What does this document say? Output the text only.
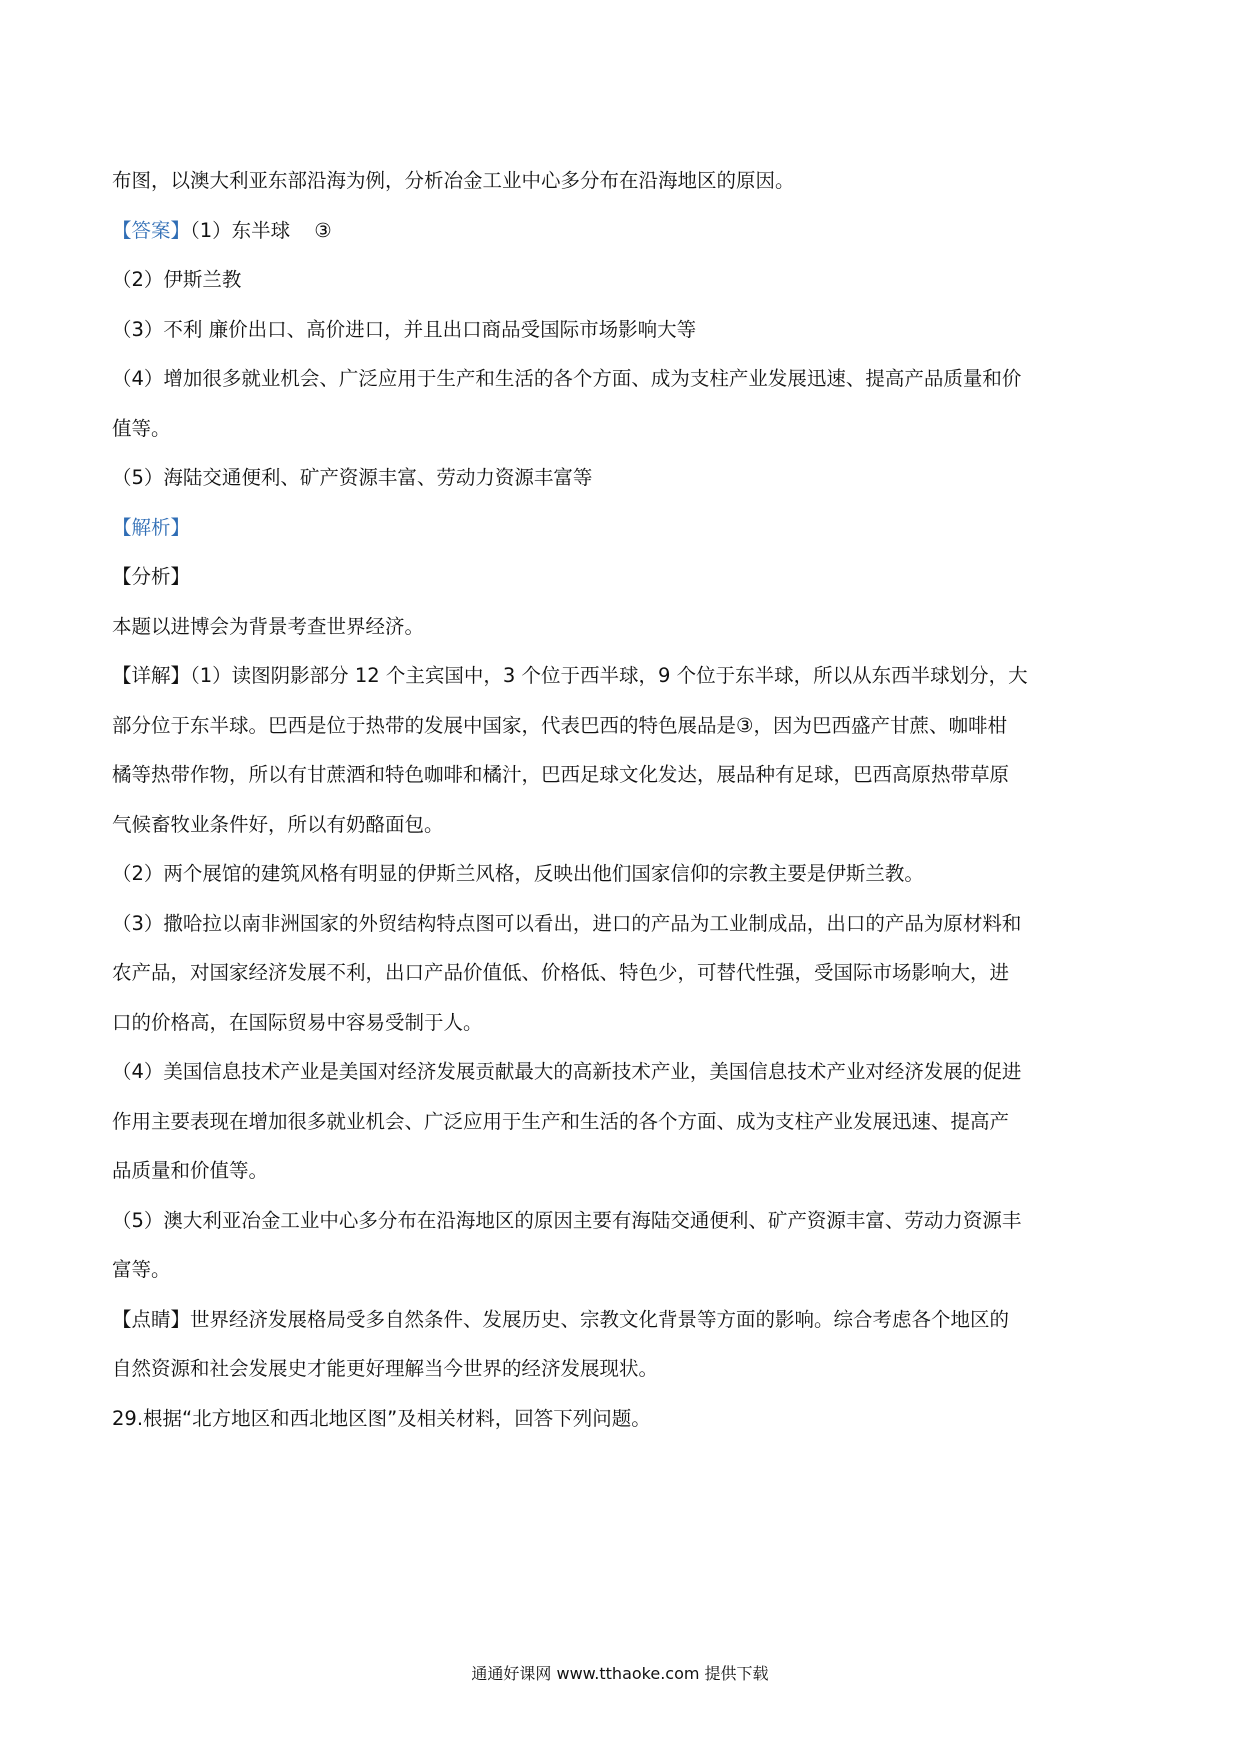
布图，以澳大利亚东部沿海为例，分析冶金工业中心多分布在沿海地区的原因。
【答案】（1）东半球 ③
（2）伊斯兰教
（3）不利 廉价出口、高价进口，并且出口商品受国际市场影响大等
（4）增加很多就业机会、广泛应用于生产和生活的各个方面、成为支柱产业发展迅速、提高产品质量和价
值等。
（5）海陆交通便利、矿产资源丰富、劳动力资源丰富等
【解析】
【分析】
本题以进博会为背景考查世界经济。
【详解】（1）读图阴影部分 12 个主宾国中，3 个位于西半球，9 个位于东半球，所以从东西半球划分，大
部分位于东半球。巴西是位于热带的发展中国家，代表巴西的特色展品是③，因为巴西盛产甘蔗、咖啡柑
橘等热带作物，所以有甘蔗酒和特色咖啡和橘汁，巴西足球文化发达，展品种有足球，巴西高原热带草原
气候畜牧业条件好，所以有奶酪面包。
（2）两个展馆的建筑风格有明显的伊斯兰风格，反映出他们国家信仰的宗教主要是伊斯兰教。
（3）撒哈拉以南非洲国家的外贸结构特点图可以看出，进口的产品为工业制成品，出口的产品为原材料和
农产品，对国家经济发展不利，出口产品价值低、价格低、特色少，可替代性强，受国际市场影响大，进
口的价格高，在国际贸易中容易受制于人。
（4）美国信息技术产业是美国对经济发展贡献最大的高新技术产业，美国信息技术产业对经济发展的促进
作用主要表现在增加很多就业机会、广泛应用于生产和生活的各个方面、成为支柱产业发展迅速、提高产
品质量和价值等。
（5）澳大利亚冶金工业中心多分布在沿海地区的原因主要有海陆交通便利、矿产资源丰富、劳动力资源丰
富等。
【点睛】世界经济发展格局受多自然条件、发展历史、宗教文化背景等方面的影响。综合考虑各个地区的
自然资源和社会发展史才能更好理解当今世界的经济发展现状。
29.根据“北方地区和西北地区图”及相关材料，回答下列问题。
通通好课网 www.tthaoke.com 提供下载
